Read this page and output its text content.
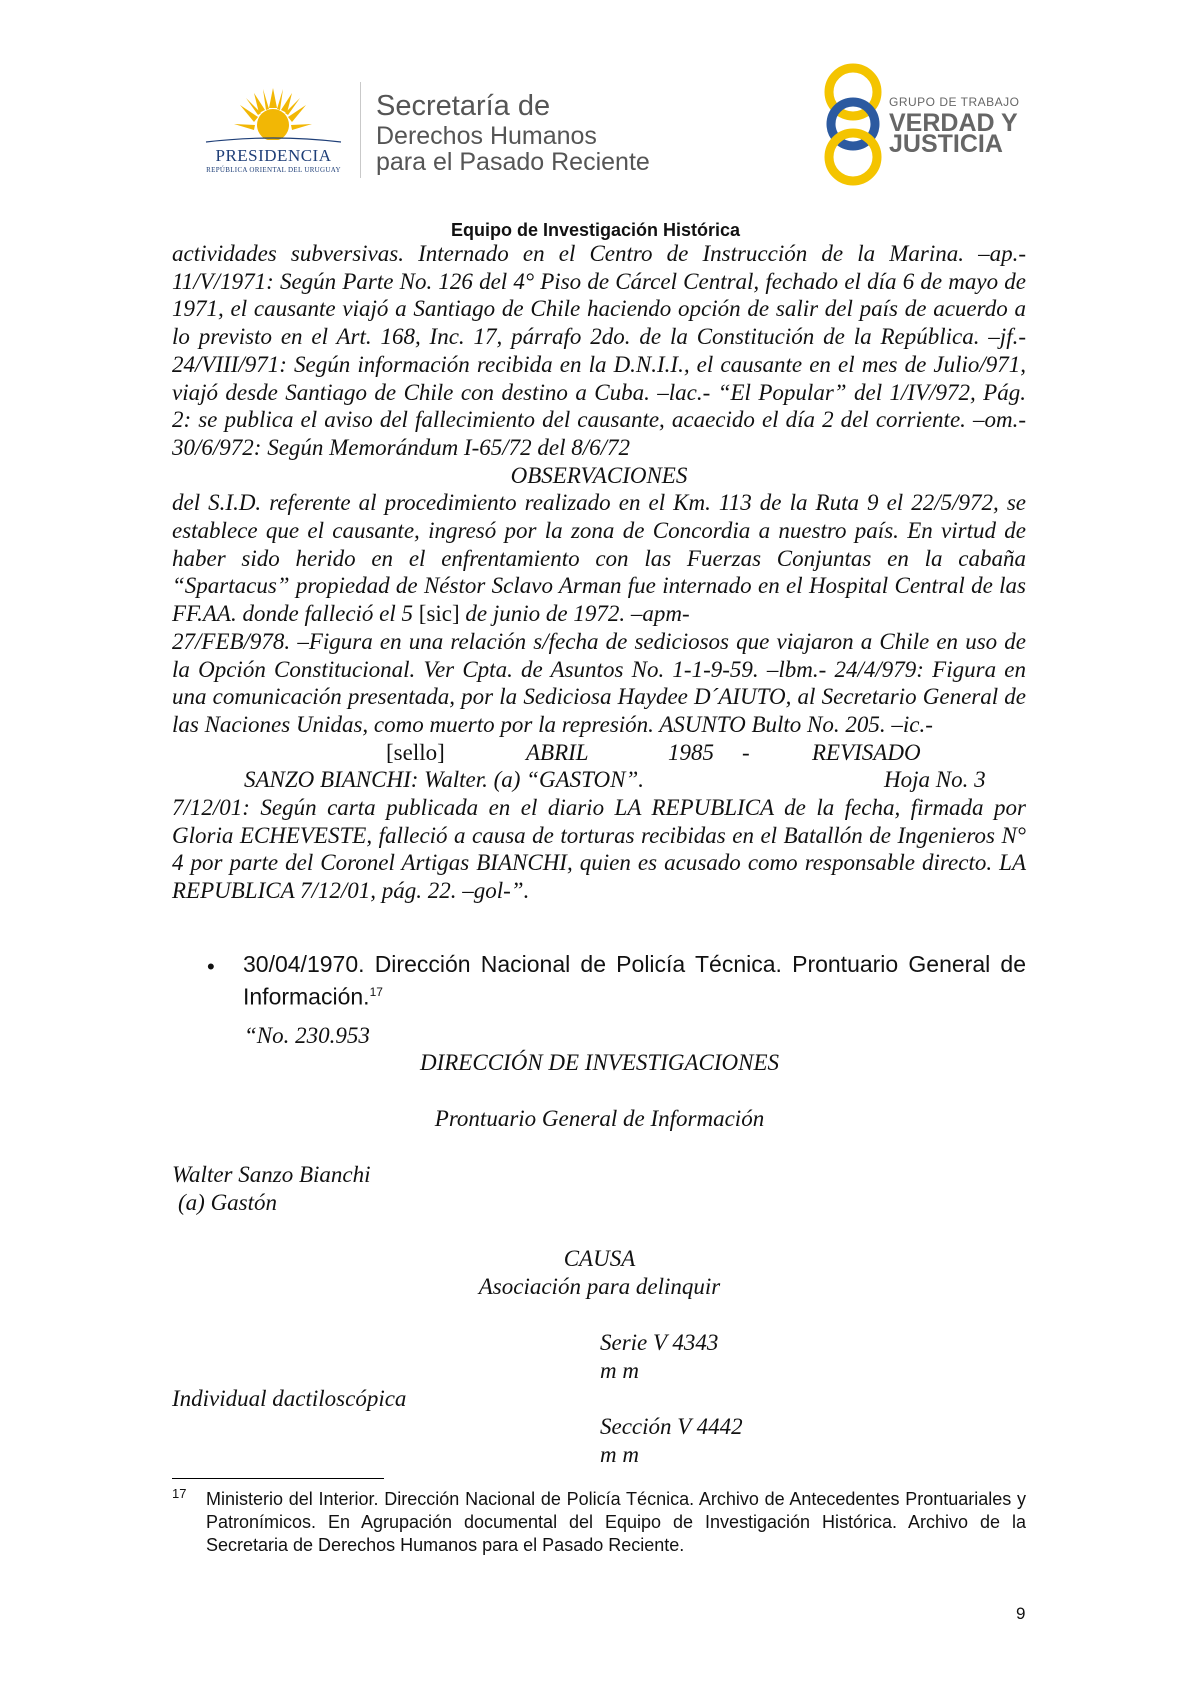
PRESIDENCIA
REPÚBLICA ORIENTAL DEL URUGUAY
Secretaría de
Derechos Humanos
para el Pasado Reciente
GRUPO DE TRABAJO
VERDAD Y
JUSTICIA
Equipo de Investigación Histórica

actividades subversivas. Internado en el Centro de Instrucción de la Marina. –ap.- 11/V/1971: Según Parte No. 126 del 4° Piso de Cárcel Central, fechado el día 6 de mayo de 1971, el causante viajó a Santiago de Chile haciendo opción de salir del país de acuerdo a lo previsto en el Art. 168, Inc. 17, párrafo 2do. de la Constitución de la República. –jf.- 24/VIII/971: Según información recibida en la D.N.I.I., el causante en el mes de Julio/971, viajó desde Santiago de Chile con destino a Cuba. –lac.- “El Popular” del 1/IV/972, Pág. 2: se publica el aviso del fallecimiento del causante, acaecido el día 2 del corriente. –om.- 30/6/972: Según Memorándum I-65/72 del 8/6/72

OBSERVACIONES

del S.I.D. referente al procedimiento realizado en el Km. 113 de la Ruta 9 el 22/5/972, se establece que el causante, ingresó por la zona de Concordia a nuestro país. En virtud de haber sido herido en el enfrentamiento con las Fuerzas Conjuntas en la cabaña “Spartacus” propiedad de Néstor Sclavo Arman fue internado en el Hospital Central de las FF.AA. donde falleció el 5 [sic] de junio de 1972. –apm-

27/FEB/978. –Figura en una relación s/fecha de sediciosos que viajaron a Chile en uso de la Opción Constitucional. Ver Cpta. de Asuntos No. 1-1-9-59. –lbm.- 24/4/979: Figura en una comunicación presentada, por la Sediciosa Haydee D´AIUTO, al Secretario General de las Naciones Unidas, como muerto por la represión. ASUNTO Bulto No. 205. –ic.-

[sello]	ABRIL	1985 -	REVISADO
SANZO BIANCHI: Walter. (a) “GASTON”.	Hoja No. 3

7/12/01: Según carta publicada en el diario LA REPUBLICA de la fecha, firmada por Gloria ECHEVESTE, falleció a causa de torturas recibidas en el Batallón de Ingenieros N° 4 por parte del Coronel Artigas BIANCHI, quien es acusado como responsable directo. LA REPUBLICA 7/12/01, pág. 22. –gol-”.

• 30/04/1970. Dirección Nacional de Policía Técnica. Prontuario General de Información.$^{17}$
“No. 230.953
DIRECCIÓN DE INVESTIGACIONES
Prontuario General de Información
Walter Sanzo Bianchi
(a) Gastón
CAUSA
Asociación para delinquir
Serie V 4343
m m
Individual dactiloscópica
Sección V 4442
m m
17 Ministerio del Interior. Dirección Nacional de Policía Técnica. Archivo de Antecedentes Prontuariales y Patronímicos. En Agrupación documental del Equipo de Investigación Histórica. Archivo de la Secretaria de Derechos Humanos para el Pasado Reciente.
9
